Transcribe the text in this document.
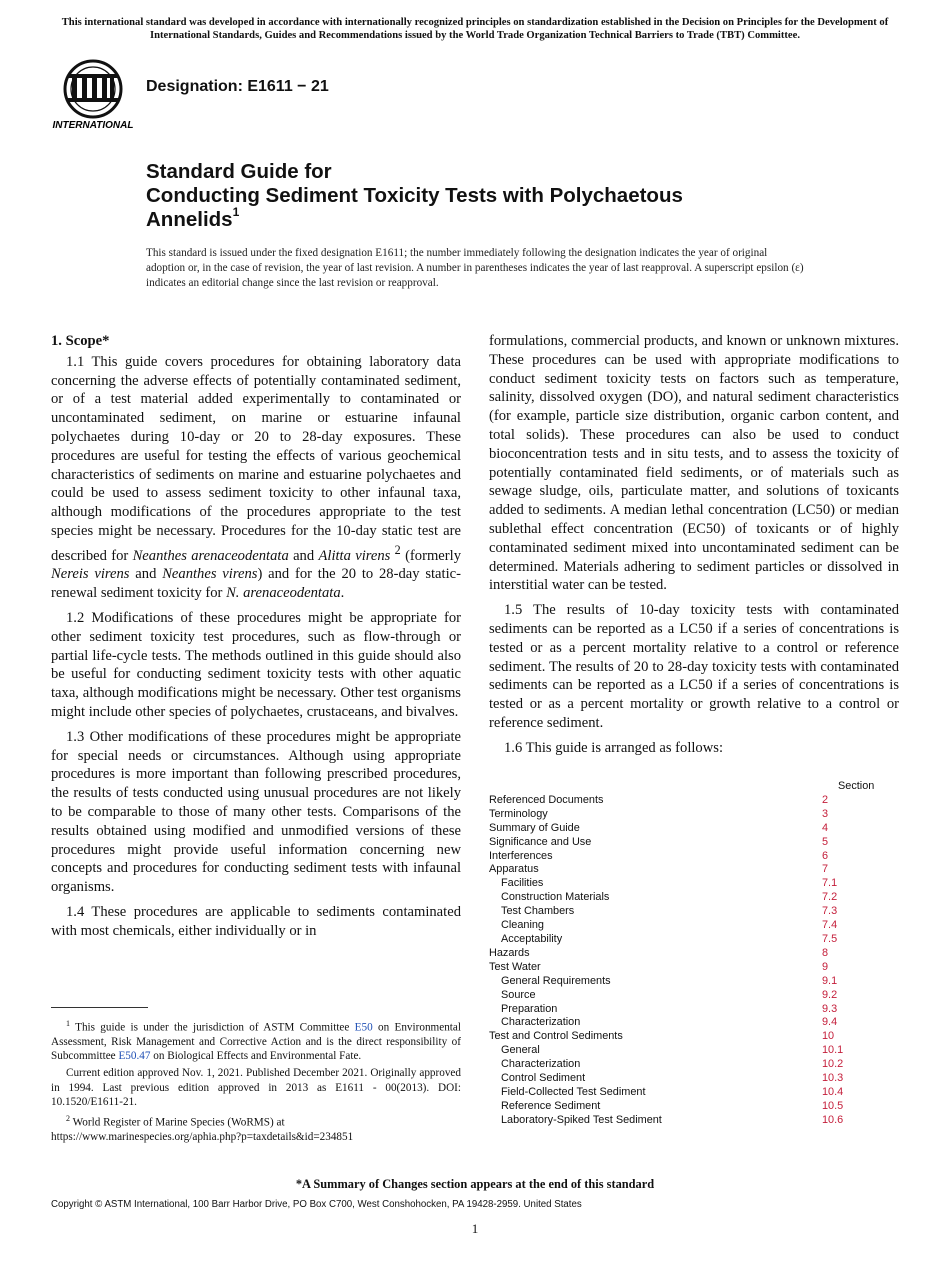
This international standard was developed in accordance with internationally recognized principles on standardization established in the Decision on Principles for the Development of International Standards, Guides and Recommendations issued by the World Trade Organization Technical Barriers to Trade (TBT) Committee.
INTERNATIONAL
Designation: E1611 − 21
Standard Guide for
Conducting Sediment Toxicity Tests with Polychaetous
Annelids$^1$
This standard is issued under the fixed designation E1611; the number immediately following the designation indicates the year of original adoption or, in the case of revision, the year of last revision. A number in parentheses indicates the year of last reapproval. A superscript epsilon (ε) indicates an editorial change since the last revision or reapproval.
1. Scope*

1.1 This guide covers procedures for obtaining laboratory data concerning the adverse effects of potentially contaminated sediment, or of a test material added experimentally to contaminated or uncontaminated sediment, on marine or estuarine infaunal polychaetes during 10-day or 20 to 28-day exposures. These procedures are useful for testing the effects of various geochemical characteristics of sediments on marine and estuarine polychaetes and could be used to assess sediment toxicity to other infaunal taxa, although modifications of the procedures appropriate to the test species might be necessary. Procedures for the 10-day static test are described for Neanthes arenaceodentata and Alitta virens $^2$ (formerly Nereis virens and Neanthes virens) and for the 20 to 28-day static-renewal sediment toxicity for N. arenaceodentata.

1.2 Modifications of these procedures might be appropriate for other sediment toxicity test procedures, such as flow-through or partial life-cycle tests. The methods outlined in this guide should also be useful for conducting sediment toxicity tests with other aquatic taxa, although modifications might be necessary. Other test organisms might include other species of polychaetes, crustaceans, and bivalves.

1.3 Other modifications of these procedures might be appropriate for special needs or circumstances. Although using appropriate procedures is more important than following prescribed procedures, the results of tests conducted using unusual procedures are not likely to be comparable to those of many other tests. Comparisons of the results obtained using modified and unmodified versions of these procedures might provide useful information concerning new concepts and procedures for conducting sediment tests with infaunal organisms.

1.4 These procedures are applicable to sediments contaminated with most chemicals, either individually or in

formulations, commercial products, and known or unknown mixtures. These procedures can be used with appropriate modifications to conduct sediment toxicity tests on factors such as temperature, salinity, dissolved oxygen (DO), and natural sediment characteristics (for example, particle size distribution, organic carbon content, and total solids). These procedures can also be used to conduct bioconcentration tests and in situ tests, and to assess the toxicity of potentially contaminated field sediments, or of materials such as sewage sludge, oils, particulate matter, and solutions of toxicants added to sediments. A median lethal concentration (LC50) or median sublethal effect concentration (EC50) of toxicants or of highly contaminated sediment mixed into uncontaminated sediment can be determined. Materials adhering to sediment particles or dissolved in interstitial water can be tested.

1.5 The results of 10-day toxicity tests with contaminated sediments can be reported as a LC50 if a series of concentrations is tested or as a percent mortality relative to a control or reference sediment. The results of 20 to 28-day toxicity tests with contaminated sediments can be reported as a LC50 if a series of concentrations is tested or as a percent mortality or growth relative to a control or reference sediment.

1.6 This guide is arranged as follows:

Section
Referenced Documents	2
Terminology	3
Summary of Guide	4
Significance and Use	5
Interferences	6
Apparatus	7
Facilities	7.1
Construction Materials	7.2
Test Chambers	7.3
Cleaning	7.4
Acceptability	7.5
Hazards	8
Test Water	9
General Requirements	9.1
Source	9.2
Preparation	9.3
Characterization	9.4
Test and Control Sediments	10
General	10.1
Characterization	10.2
Control Sediment	10.3
Field-Collected Test Sediment	10.4
Reference Sediment	10.5
Laboratory-Spiked Test Sediment	10.6

$^1$ This guide is under the jurisdiction of ASTM Committee E50 on Environmental Assessment, Risk Management and Corrective Action and is the direct responsibility of Subcommittee E50.47 on Biological Effects and Environmental Fate.

Current edition approved Nov. 1, 2021. Published December 2021. Originally approved in 1994. Last previous edition approved in 2013 as E1611 - 00(2013). DOI: 10.1520/E1611-21.

$^2$ World Register of Marine Species (WoRMS) at https://www.marinespecies.org/aphia.php?p=taxdetails&id=234851

*A Summary of Changes section appears at the end of this standard
Copyright © ASTM International, 100 Barr Harbor Drive, PO Box C700, West Conshohocken, PA 19428-2959. United States
1
